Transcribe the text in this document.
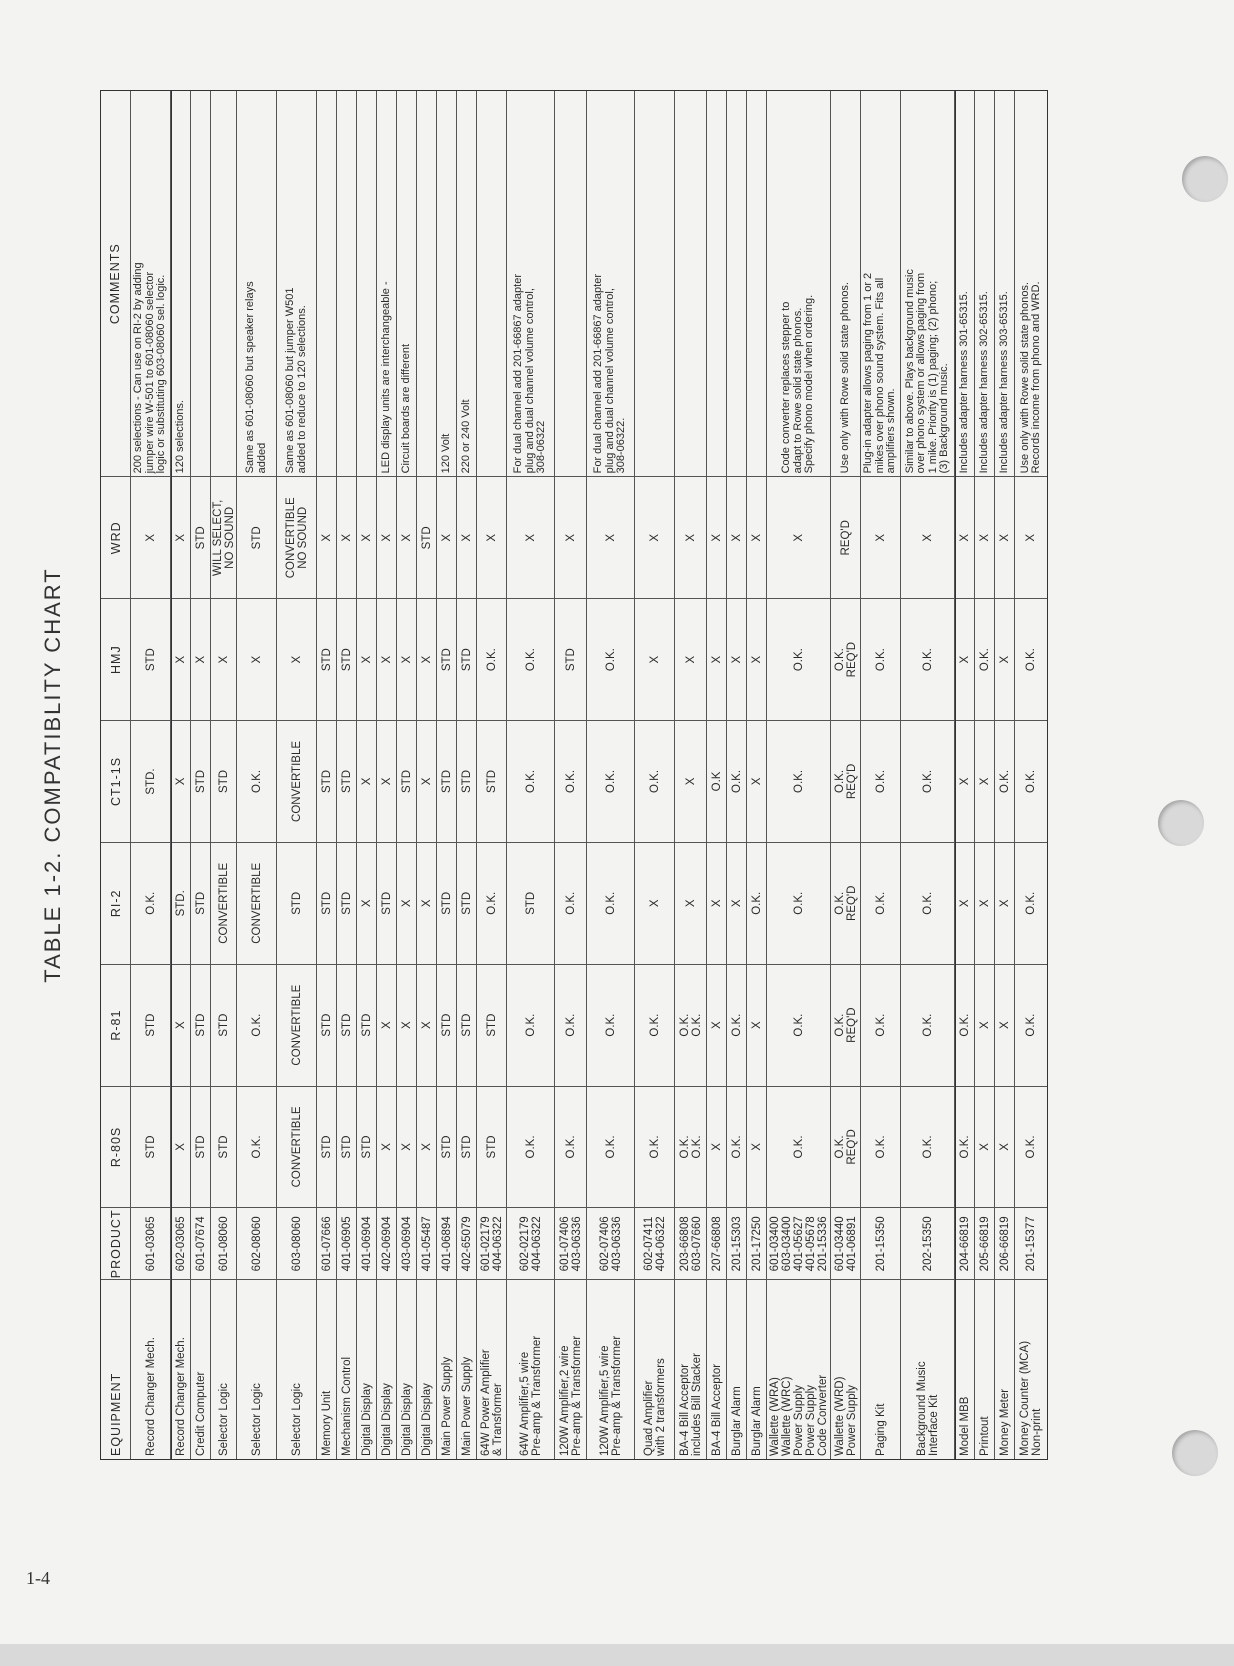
TABLE 1-2. COMPATIBLITY CHART
EQUIPMENT
PRODUCT
R-80S
R-81
RI-2
CT1-1S
HMJ
WRD
COMMENTS
Record Changer Mech.
601-03065
STD
STD
O.K.
STD.
STD
X
200 selections - Can use on RI-2 by adding
jumper wire W-501 to 601-08060 selector
logic or substituting 603-08060 sel. logic.
Record Changer Mech.
602-03065
X
X
STD.
X
X
X
120 selections.
Credit Computer
601-07674
STD
STD
STD
STD
X
STD
Selector Logic
601-08060
STD
STD
CONVERTIBLE
STD
X
WILL SELECT,
NO SOUND
Selector Logic
602-08060
O.K.
O.K.
CONVERTIBLE
O.K.
X
STD
Same as 601-08060 but speaker relays
added
Selector Logic
603-08060
CONVERTIBLE
CONVERTIBLE
STD
CONVERTIBLE
X
CONVERTIBLE
NO SOUND
Same as 601-08060 but jumper W501
added to reduce to 120 selections.
Memory Unit
601-07666
STD
STD
STD
STD
STD
X
Mechanism Control
401-06905
STD
STD
STD
STD
STD
X
Digital Display
401-06904
STD
STD
X
X
X
X
Digital Display
402-06904
X
X
STD
X
X
X
LED display units are interchangeable -
Digital Display
403-06904
X
X
X
STD
X
X
Circuit boards are different
Digital Display
401-05487
X
X
X
X
X
STD
Main Power Supply
401-06894
STD
STD
STD
STD
STD
X
120 Volt
Main Power Supply
402-65079
STD
STD
STD
STD
STD
X
220 or 240 Volt
64W Power Amplifier
& Transformer
601-02179
404-06322
STD
STD
O.K.
STD
O.K.
X
64W Amplifier,5 wire
Pre-amp & Transformer
602-02179
404-06322
O.K.
O.K.
STD
O.K.
O.K.
X
For dual channel add 201-66867 adapter
plug and dual channel volume control,
308-06322
120W Amplifier,2 wire
Pre-amp & Transformer
601-07406
403-06336
O.K.
O.K.
O.K.
O.K.
STD
X
120W Amplifier,5 wire
Pre-amp & Transformer
602-07406
403-06336
O.K.
O.K.
O.K.
O.K.
O.K.
X
For dual channel add 201-66867 adapter
plug and dual channel volume control,
308-06322.
Quad Amplifier
with 2 transformers
602-07411
404-06322
O.K.
O.K.
X
O.K.
X
X
BA-4 Bill Acceptor
includes Bill Stacker
203-66808
603-07660
O.K.
O.K.
O.K.
O.K.
X
X
X
X
BA-4 Bill Acceptor
207-66808
X
X
X
O.K
X
X
Burglar Alarm
201-15303
O.K.
O.K.
X
O.K.
X
X
Burglar Alarm
201-17250
X
X
O.K.
X
X
X
Wallette (WRA)
Wallette (WRC)
Power Supply
Power Supply
Code Converter
601-03400
603-03400
401-05627
401-05678
201-15336
O.K.
O.K.
O.K.
O.K.
O.K.
X
Code converter replaces stepper to
adapt to Rowe solid state phonos.
Specify phono model when ordering.
Wallette (WRD)
Power Supply
601-03440
401-06891
O.K.
REQ'D
O.K.
REQ'D
O.K.
REQ'D
O.K.
REQ'D
O.K.
REQ'D
REQ'D
Use only with Rowe solid state phonos.
Paging Kit
201-15350
O.K.
O.K.
O.K.
O.K.
O.K.
X
Plug-in adapter allows paging from 1 or 2
mikes over phono sound system. Fits all
amplifiers shown.
Background Music
Interface Kit
202-15350
O.K.
O.K.
O.K.
O.K.
O.K.
X
Similar to above. Plays background music
over phono system or allows paging from
1 mike. Priority is (1) paging; (2) phono;
(3) Background music.
Model MBB
204-66819
O.K.
O.K.
X
X
X
X
Includes adapter harness 301-65315.
Printout
205-66819
X
X
X
X
O.K.
X
Includes adapter harness 302-65315.
Money Meter
206-66819
X
X
X
O.K.
X
X
Includes adapter harness 303-65315.
Money Counter (MCA)
Non-print
201-15377
O.K.
O.K.
O.K.
O.K.
O.K.
X
Use only with Rowe solid state phonos.
Records income from phono and WRD.
1-4
